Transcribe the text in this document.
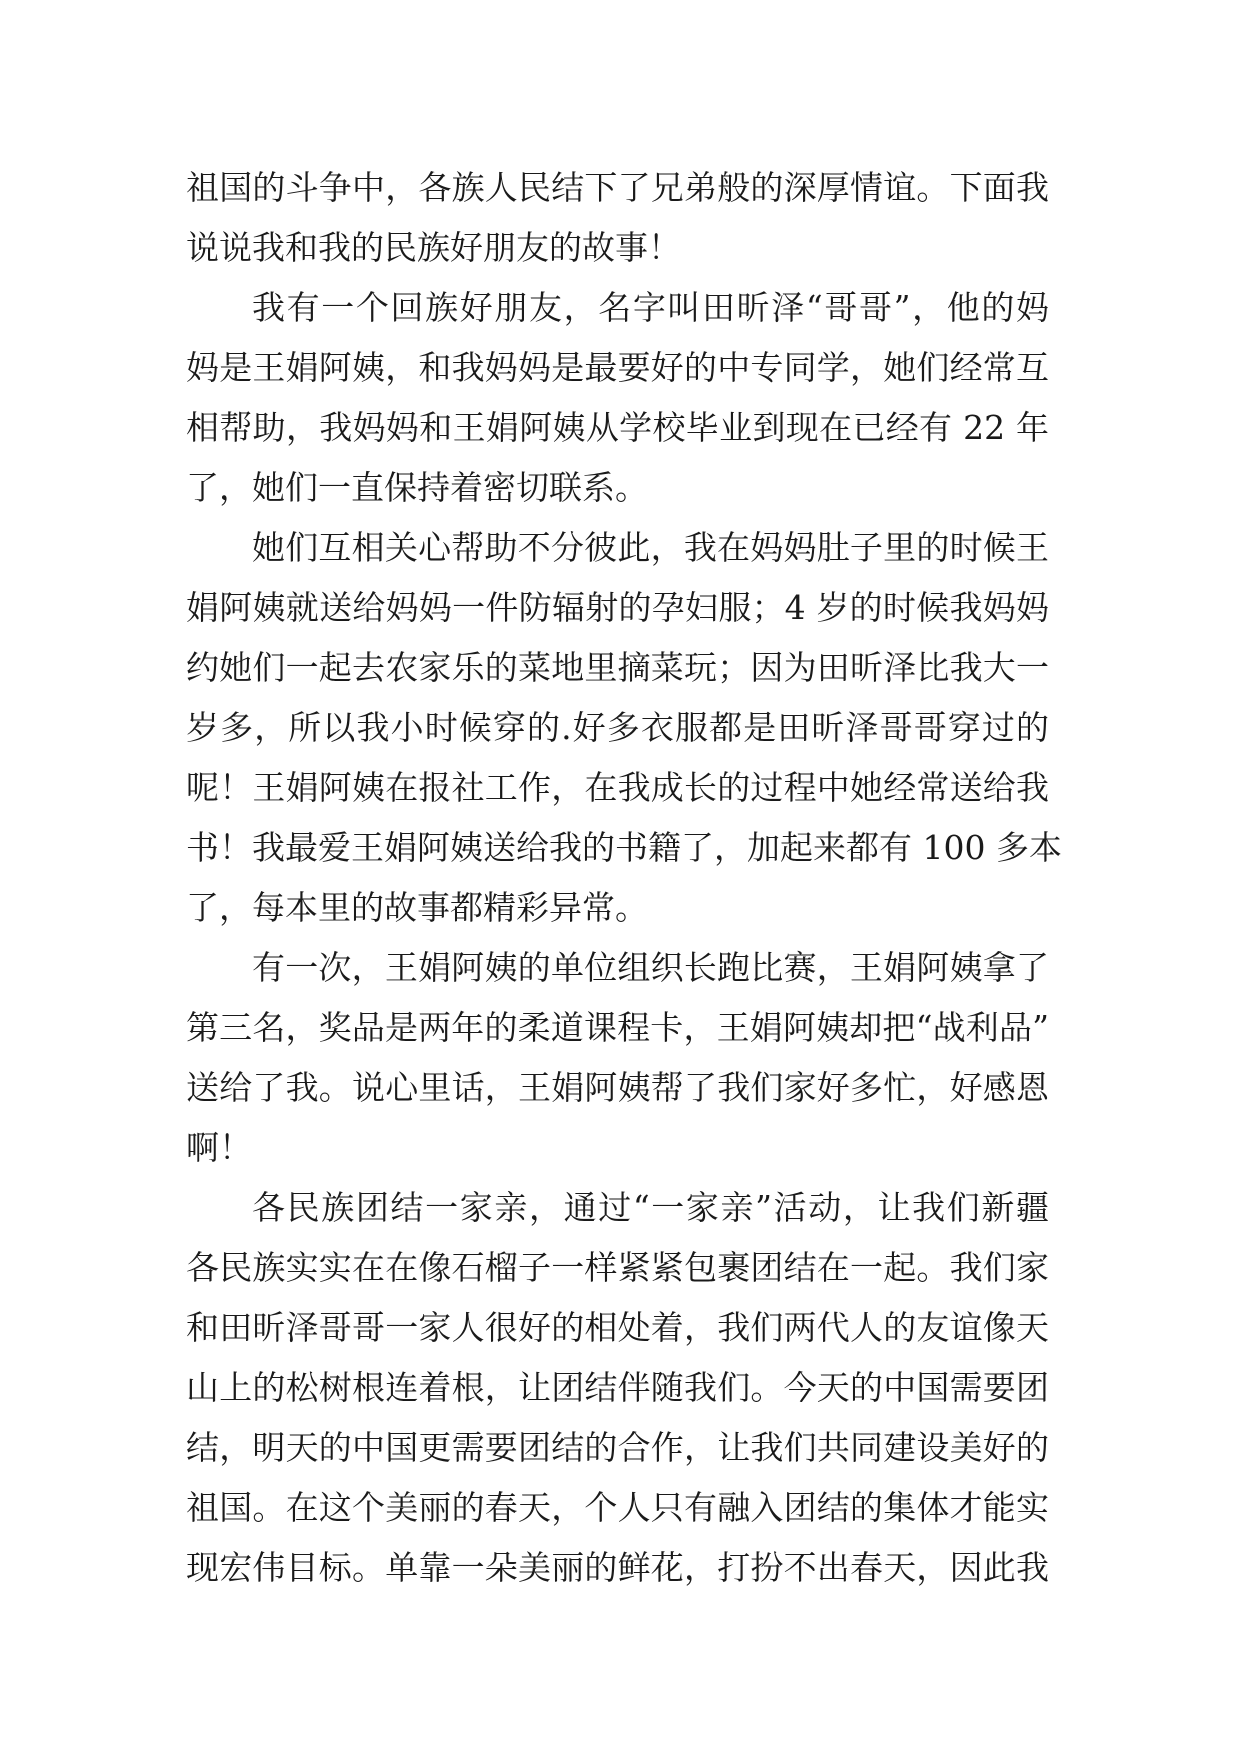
祖国的斗争中，各族人民结下了兄弟般的深厚情谊。下面我
说说我和我的民族好朋友的故事！
我有一个回族好朋友，名字叫田昕泽“哥哥”，他的妈
妈是王娟阿姨，和我妈妈是最要好的中专同学，她们经常互
相帮助，我妈妈和王娟阿姨从学校毕业到现在已经有 22 年
了，她们一直保持着密切联系。
她们互相关心帮助不分彼此，我在妈妈肚子里的时候王
娟阿姨就送给妈妈一件防辐射的孕妇服；4 岁的时候我妈妈
约她们一起去农家乐的菜地里摘菜玩；因为田昕泽比我大一
岁多，所以我小时候穿的.好多衣服都是田昕泽哥哥穿过的
呢！王娟阿姨在报社工作，在我成长的过程中她经常送给我
书！我最爱王娟阿姨送给我的书籍了，加起来都有 100 多本
了，每本里的故事都精彩异常。
有一次，王娟阿姨的单位组织长跑比赛，王娟阿姨拿了
第三名，奖品是两年的柔道课程卡，王娟阿姨却把“战利品”
送给了我。说心里话，王娟阿姨帮了我们家好多忙，好感恩
啊！
各民族团结一家亲，通过“一家亲”活动，让我们新疆
各民族实实在在像石榴子一样紧紧包裹团结在一起。我们家
和田昕泽哥哥一家人很好的相处着，我们两代人的友谊像天
山上的松树根连着根，让团结伴随我们。今天的中国需要团
结，明天的中国更需要团结的合作，让我们共同建设美好的
祖国。在这个美丽的春天，个人只有融入团结的集体才能实
现宏伟目标。单靠一朵美丽的鲜花，打扮不出春天，因此我
